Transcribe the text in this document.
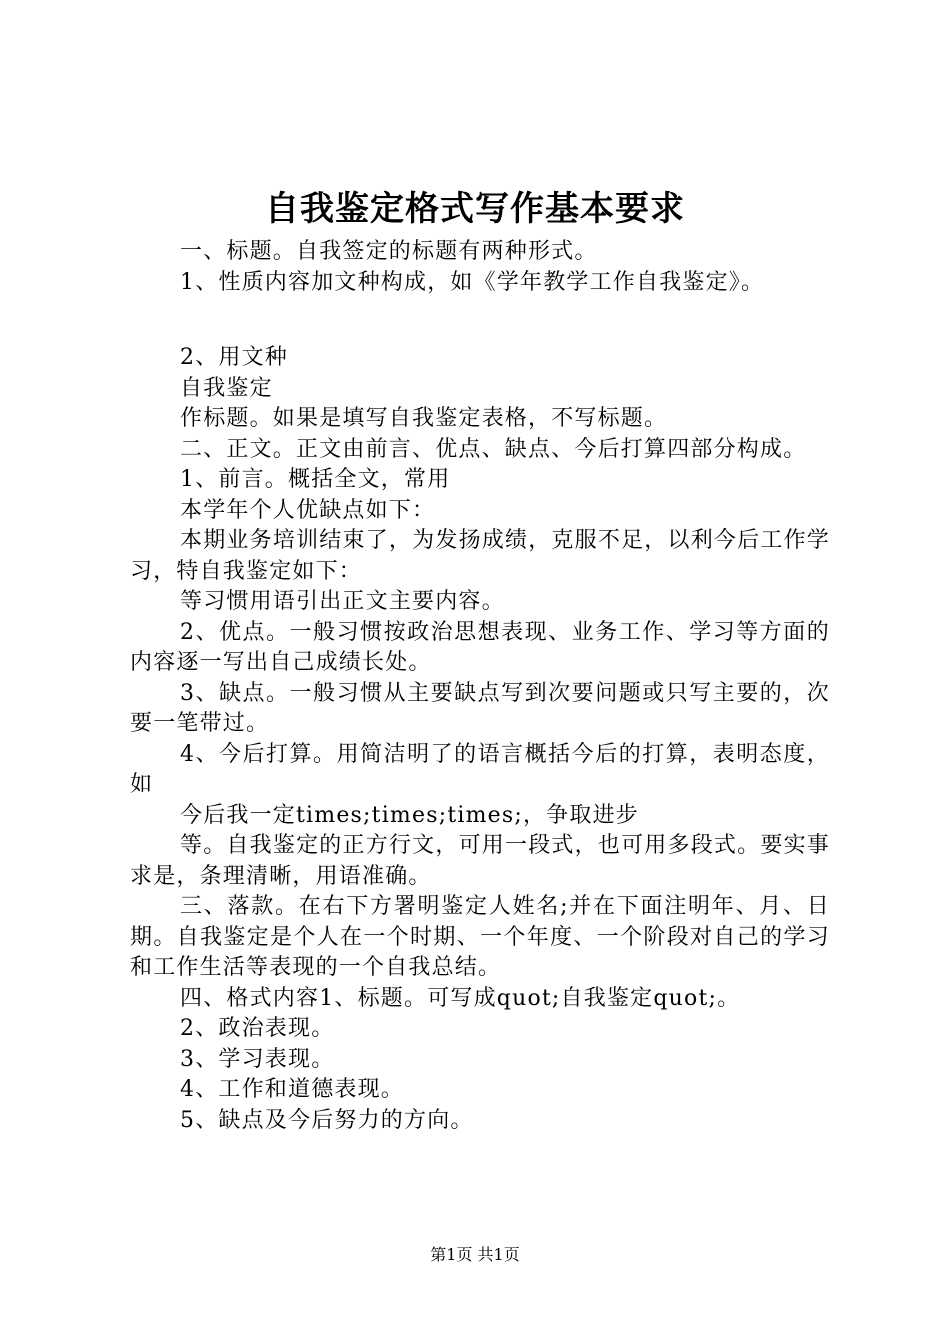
自我鉴定格式写作基本要求

一、标题。自我签定的标题有两种形式。

1、性质内容加文种构成，如《学年教学工作自我鉴定》。

2、用文种

自我鉴定

作标题。如果是填写自我鉴定表格，不写标题。

二、正文。正文由前言、优点、缺点、今后打算四部分构成。

1、前言。概括全文，常用

本学年个人优缺点如下：

本期业务培训结束了，为发扬成绩，克服不足，以利今后工作学习，特自我鉴定如下：

等习惯用语引出正文主要内容。

2、优点。一般习惯按政治思想表现、业务工作、学习等方面的内容逐一写出自己成绩长处。

3、缺点。一般习惯从主要缺点写到次要问题或只写主要的，次要一笔带过。

4、今后打算。用简洁明了的语言概括今后的打算，表明态度，如

今后我一定times;times;times;，争取进步

等。自我鉴定的正方行文，可用一段式，也可用多段式。要实事求是，条理清晰，用语准确。

三、落款。在右下方署明鉴定人姓名;并在下面注明年、月、日期。自我鉴定是个人在一个时期、一个年度、一个阶段对自己的学习和工作生活等表现的一个自我总结。

四、格式内容1、标题。可写成quot;自我鉴定quot;。

2、政治表现。

3、学习表现。

4、工作和道德表现。

5、缺点及今后努力的方向。

第1页 共1页
